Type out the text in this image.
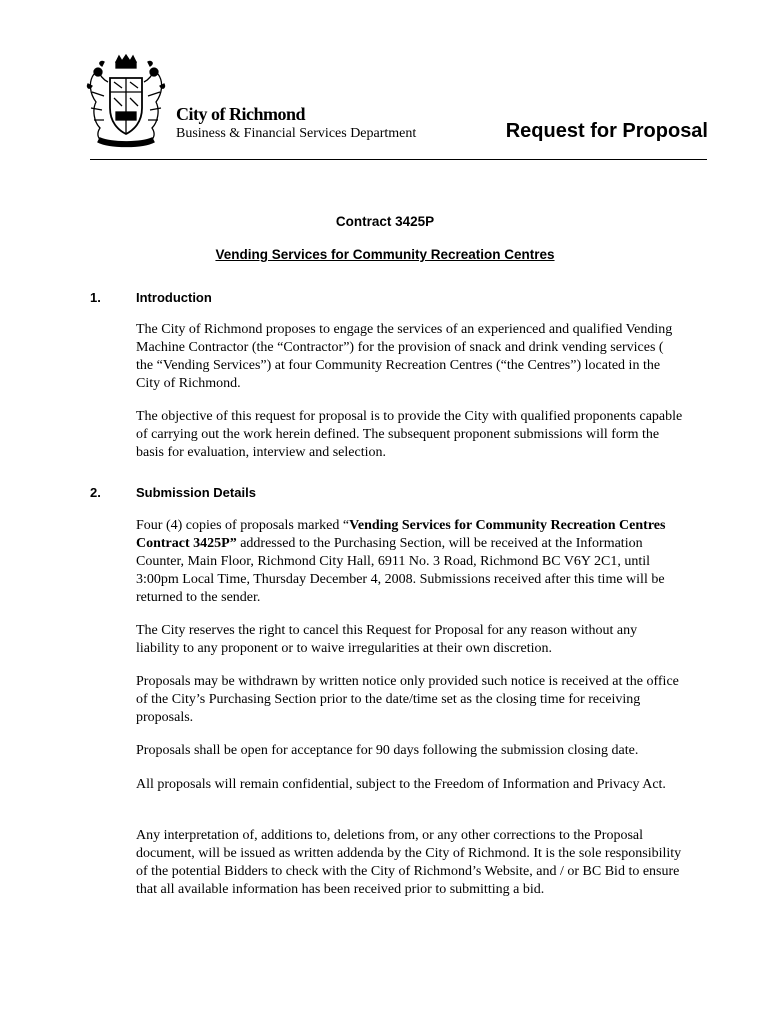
City of Richmond
Business & Financial Services Department	Request for Proposal
Contract 3425P
Vending Services for Community Recreation Centres
1.	Introduction

The City of Richmond proposes to engage the services of an experienced and qualified Vending Machine Contractor (the “Contractor”) for the provision of snack and drink vending services ( the “Vending Services”) at four Community Recreation Centres (“the Centres”) located in the City of Richmond.

The objective of this request for proposal is to provide the City with qualified proponents capable of carrying out the work herein defined. The subsequent proponent submissions will form the basis for evaluation, interview and selection.

2.	Submission Details

Four (4) copies of proposals marked “Vending Services for Community Recreation Centres Contract 3425P” addressed to the Purchasing Section, will be received at the Information Counter, Main Floor, Richmond City Hall, 6911 No. 3 Road, Richmond BC V6Y 2C1, until 3:00pm Local Time, Thursday December 4, 2008. Submissions received after this time will be returned to the sender.

The City reserves the right to cancel this Request for Proposal for any reason without any liability to any proponent or to waive irregularities at their own discretion.

Proposals may be withdrawn by written notice only provided such notice is received at the office of the City’s Purchasing Section prior to the date/time set as the closing time for receiving proposals.

Proposals shall be open for acceptance for 90 days following the submission closing date.

All proposals will remain confidential, subject to the Freedom of Information and Privacy Act.

Any interpretation of, additions to, deletions from, or any other corrections to the Proposal document, will be issued as written addenda by the City of Richmond. It is the sole responsibility of the potential Bidders to check with the City of Richmond’s Website, and / or BC Bid to ensure that all available information has been received prior to submitting a bid.
